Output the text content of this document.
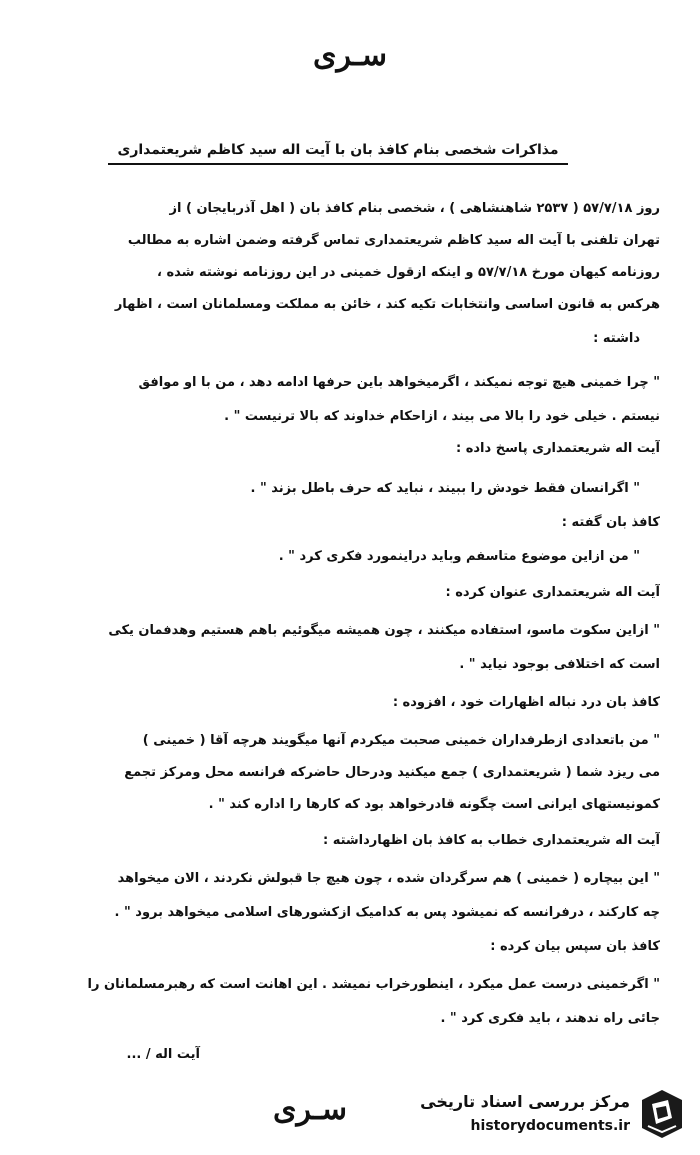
سـری
مذاکرات شخصی بنام کافذ بان با آیت اله سید کاظم شریعتمداری
روز ۵۷/۷/۱۸ ( ۲۵۳۷ شاهنشاهی ) ، شخصی بنام کافذ بان ( اهل آذربایجان ) از
تهران تلفنی با آیت اله سید کاظم شریعتمداری تماس گرفته وضمن اشاره به مطالب
روزنامه کیهان مورخ ۵۷/۷/۱۸ و اینکه ازقول خمینی در این روزنامه نوشته شده ،
هرکس به قانون اساسی وانتخابات تکیه کند ، خائن به مملکت ومسلمانان است ، اظهار
داشته :
" چرا خمینی هیچ توجه نمیکند ، اگرمیخواهد باین حرفها ادامه دهد ، من با او موافق
نیستم . خیلی خود را بالا می بیند ، ازاحکام خداوند که بالا ترنیست " .
آیت اله شریعتمداری پاسخ داده :
" اگرانسان فقط خودش را ببیند ، نباید که حرف باطل بزند " .
کافذ بان گفته :
" من ازاین موضوع متاسفم وباید دراینمورد فکری کرد " .
آیت اله شریعتمداری عنوان کرده :
" ازاین سکوت ماسو، استفاده میکنند ، چون همیشه میگوئیم باهم هستیم وهدفمان یکی
است که اختلافی بوجود نیاید " .
کافذ بان درد نباله اظهارات خود ، افزوده :
" من باتعدادی ازطرفداران خمینی صحبت میکردم آنها میگویند هرچه آقا ( خمینی )
می ریزد شما ( شریعتمداری ) جمع میکنید ودرحال حاضرکه فرانسه محل ومرکز تجمع
کمونیستهای ایرانی است چگونه قادرخواهد بود که کارها را اداره کند " .
آیت اله شریعتمداری خطاب به کافذ بان اظهارداشته :
" این بیچاره ( خمینی ) هم سرگردان شده ، چون هیچ جا قبولش نکردند ، الان میخواهد
چه کارکند ، درفرانسه که نمیشود پس به کدامیک ازکشورهای اسلامی میخواهد برود " .
کافذ بان سپس بیان کرده :
" اگرخمینی درست عمل میکرد ، اینطورخراب نمیشد . این اهانت است که رهبرمسلمانان را
جائی راه ندهند ، باید فکری کرد " .
آیت اله / ...
سـری	مرکز بررسی اسناد تاریخی
historydocuments.ir
